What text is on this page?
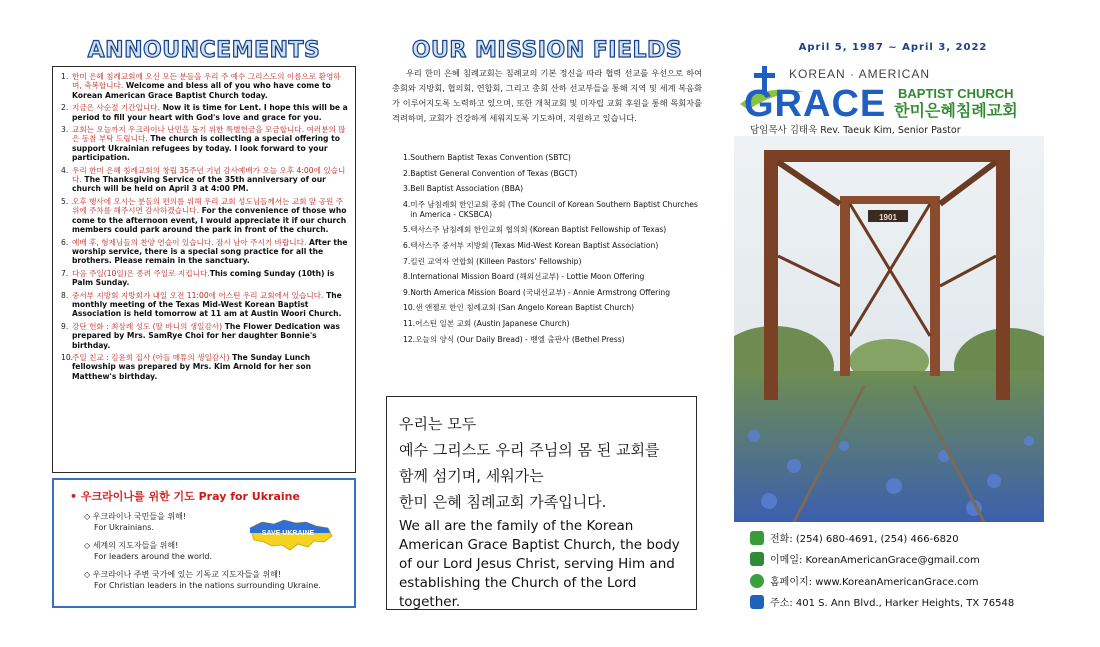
ANNOUNCEMENTS
1. 한미 은혜 침례교회에 오신 모든 분들을 우리 주 예수 그리스도의 이름으로 환영하며, 축복합니다. Welcome and bless all of you who have come to Korean American Grace Baptist Church today.
2. 지금은 사순절 기간입니다. Now it is time for Lent. I hope this will be a period to fill your heart with God's love and grace for you.
3. 교회는 오늘까지 우크라이나 난민을 돕기 위한 특별헌금을 모금합니다. 여러분의 많은 동참 부탁 드립니다. The church is collecting a special offering to support Ukrainian refugees by today. I look forward to your participation.
4. 우리 한미 은혜 침례교회의 창립 35주년 기념 감사예배가 오늘 오후 4:00에 있습니다. The Thanksgiving Service of the 35th anniversary of our church will be held on April 3 at 4:00 PM.
5. 오후 행사에 오시는 분들의 편의를 위해 우리 교회 성도님들께서는 교회 앞 공원 주위에 주차를 해주시면 감사하겠습니다. For the convenience of those who come to the afternoon event, I would appreciate it if our church members could park around the park in front of the church.
6. 예배 후, 형제님들의 찬양 연습이 있습니다. 잠시 남아 주시기 바랍니다. After the worship service, there is a special song practice for all the brothers. Please remain in the sanctuary.
7. 다음 주일(10일)은 종려 주일로 지킵니다.This coming Sunday (10th) is Palm Sunday.
8. 중서부 지방회 지방회가 내일 오전 11:00에 어스틴 우리 교회에서 있습니다. The monthly meeting of the Texas Mid-West Korean Baptist Association is held tomorrow at 11 am at Austin Woori Church.
9. 강단 헌화 : 최삼례 성도 (딸 바니의 생일감사) The Flower Dedication was prepared by Mrs. SamRye Choi for her daughter Bonnie's birthday.
10.
주일 친교 : 김윤희 집사 (아들 매튜의 생일감사) The Sunday Lunch fellowship was prepared by Mrs. Kim Arnold for her son Matthew's birthday.
• 우크라이나를 위한 기도 Pray for Ukraine
◇ 우크라이나 국민들을 위해!
For Ukrainians.
◇ 세계의 지도자들을 위해!
For leaders around the world.
◇ 우크라이나 주변 국가에 있는 기독교 지도자들을 위해!
For Christian leaders in the nations surrounding Ukraine.
SAVE UKRAINE
OUR MISSION FIELDS
우리 한미 은혜 침례교회는 침례교의 기본 정신을 따라 협력 선교를 우선으로 하여 총회와 지방회, 협의회, 연합회, 그리고 총회 산하 선교부들을 통해 지역 및 세계 복음화가 이루어지도록 노력하고 있으며, 또한 개척교회 및 미자립 교회 후원을 통해 목회자를 격려하며, 교회가 건강하게 세워지도록 기도하며, 지원하고 있습니다.
1. Southern Baptist Texas Convention (SBTC)
2. Baptist General Convention of Texas (BGCT)
3. Bell Baptist Association (BBA)
4. 미주 남침례회 한인교회 총회 (The Council of Korean Southern Baptist Churches in America - CKSBCA)
5. 텍사스주 남침례회 한인교회 협의회 (Korean Baptist Fellowship of Texas)
6. 텍사스주 중서부 지방회 (Texas Mid-West Korean Baptist Association)
7. 킬린 교역자 연합회 (Killeen Pastors' Fellowship)
8. International Mission Board (해외선교부) - Lottie Moon Offering
9. North America Mission Board (국내선교부) - Annie Armstrong Offering
10. 샌 앤젤로 한인 침례교회 (San Angelo Korean Baptist Church)
11. 어스틴 일본 교회 (Austin Japanese Church)
12. 오늘의 양식 (Our Daily Bread) - 벧엘 출판사 (Bethel Press)
우리는 모두
예수 그리스도 우리 주님의 몸 된 교회를
함께 섬기며, 세워가는
한미 은혜 침례교회 가족입니다.
We all are the family of the Korean American Grace Baptist Church, the body of our Lord Jesus Christ, serving Him and establishing the Church of the Lord together.
April 5, 1987 ~ April 3, 2022
KOREAN · AMERICAN
GRACE BAPTIST CHURCH
한미은혜침례교회
담임목사 김태욱 Rev. Taeuk Kim, Senior Pastor
1901
전화: (254) 680-4691, (254) 466-6820
이메일: KoreanAmericanGrace@gmail.com
홈페이지: www.KoreanAmericanGrace.com
주소: 401 S. Ann Blvd., Harker Heights, TX 76548
